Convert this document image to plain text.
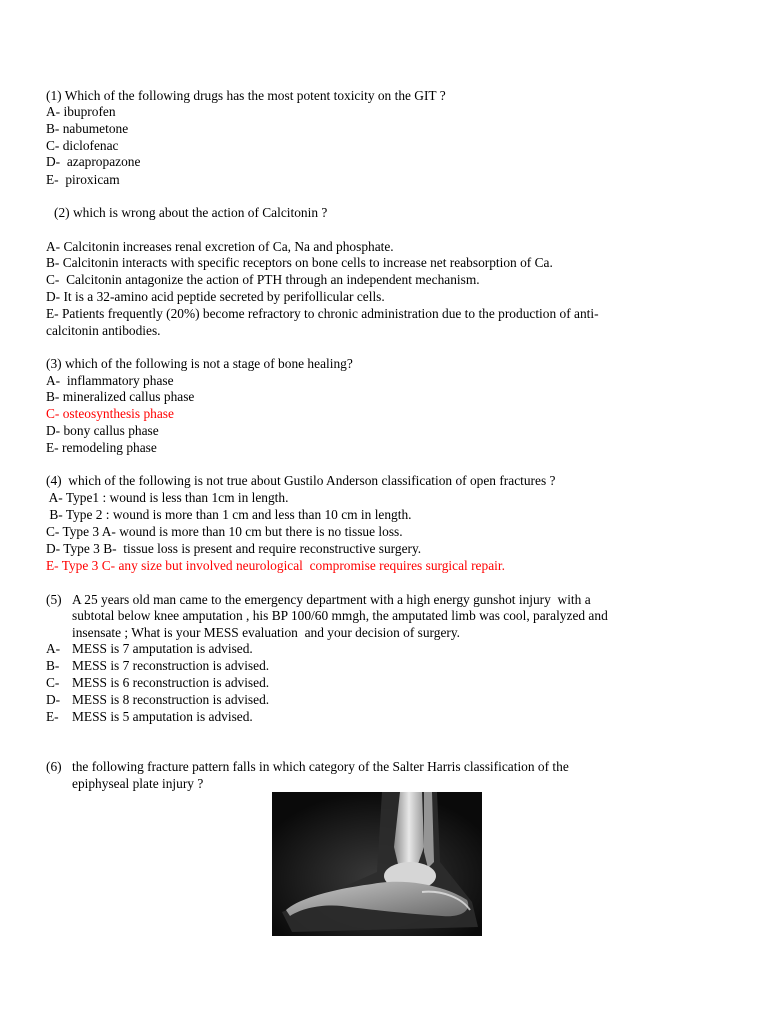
(1) Which of the following drugs has the most potent toxicity on the GIT ?
A- ibuprofen
B- nabumetone
C- diclofenac
D-  azapropazone
E-  piroxicam
(2) which is wrong about the action of Calcitonin ?
A- Calcitonin increases renal excretion of Ca, Na and phosphate.
B- Calcitonin interacts with specific receptors on bone cells to increase net reabsorption of Ca.
C-  Calcitonin antagonize the action of PTH through an independent mechanism.
D- It is a 32-amino acid peptide secreted by perifollicular cells.
E- Patients frequently (20%) become refractory to chronic administration due to the production of anti-
calcitonin antibodies.
(3) which of the following is not a stage of bone healing?
A-  inflammatory phase
B- mineralized callus phase
C- osteosynthesis phase
D- bony callus phase
E- remodeling phase
(4)  which of the following is not true about Gustilo Anderson classification of open fractures ?
A- Type1 : wound is less than 1cm in length.
B- Type 2 : wound is more than 1 cm and less than 10 cm in length.
C- Type 3 A- wound is more than 10 cm but there is no tissue loss.
D- Type 3 B-  tissue loss is present and require reconstructive surgery.
E- Type 3 C- any size but involved neurological  compromise requires surgical repair.
(5) A 25 years old man came to the emergency department with a high energy gunshot injury  with a
subtotal below knee amputation , his BP 100/60 mmgh, the amputated limb was cool, paralyzed and
insensate ; What is your MESS evaluation  and your decision of surgery.
A- MESS is 7 amputation is advised.
B- MESS is 7 reconstruction is advised.
C- MESS is 6 reconstruction is advised.
D- MESS is 8 reconstruction is advised.
E- MESS is 5 amputation is advised.
(6) the following fracture pattern falls in which category of the Salter Harris classification of the
epiphyseal plate injury ?
